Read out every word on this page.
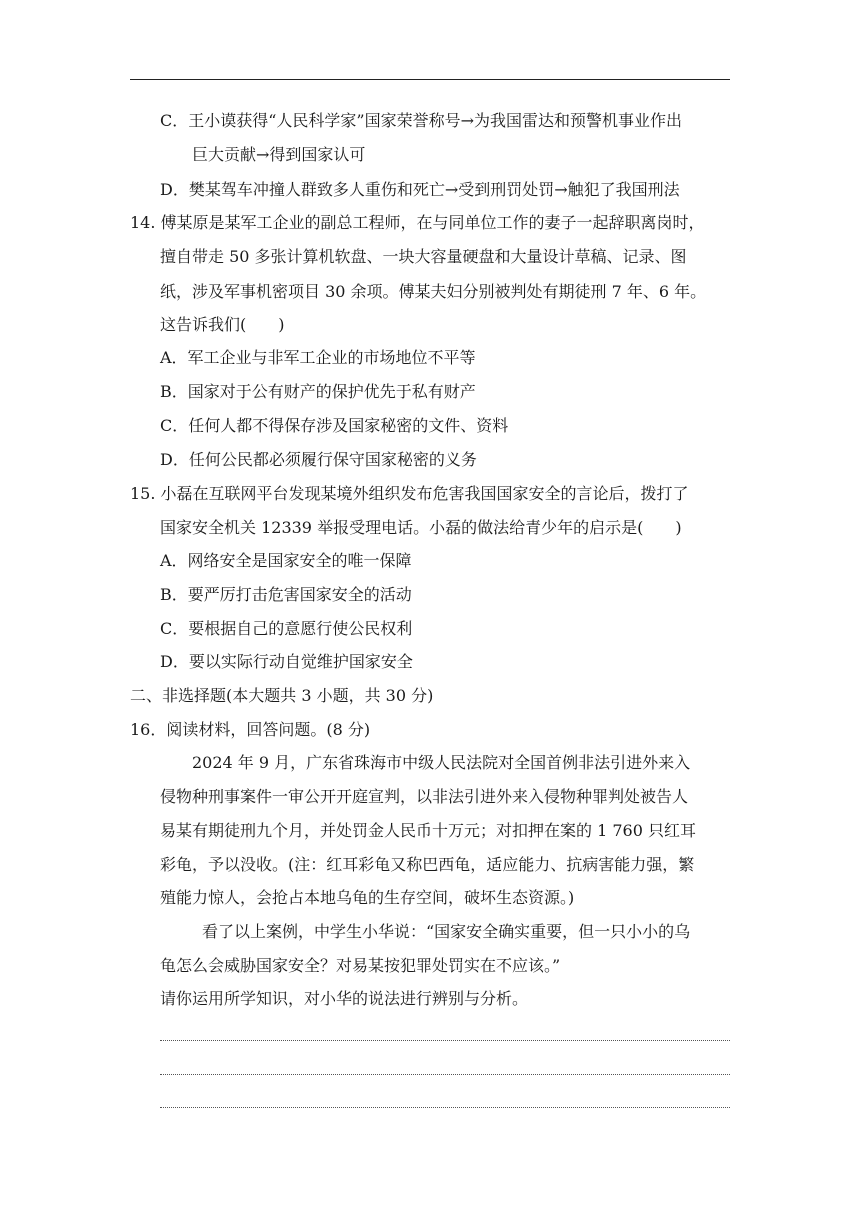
C．王小谟获得“人民科学家”国家荣誉称号→为我国雷达和预警机事业作出
巨大贡献→得到国家认可
D．樊某驾车冲撞人群致多人重伤和死亡→受到刑罚处罚→触犯了我国刑法
14. 傅某原是某军工企业的副总工程师，在与同单位工作的妻子一起辞职离岗时，
擅自带走 50 多张计算机软盘、一块大容量硬盘和大量设计草稿、记录、图
纸，涉及军事机密项目 30 余项。傅某夫妇分别被判处有期徒刑 7 年、6 年。
这告诉我们(　　)
A．军工企业与非军工企业的市场地位不平等
B．国家对于公有财产的保护优先于私有财产
C．任何人都不得保存涉及国家秘密的文件、资料
D．任何公民都必须履行保守国家秘密的义务
15. 小磊在互联网平台发现某境外组织发布危害我国国家安全的言论后，拨打了
国家安全机关 12339 举报受理电话。小磊的做法给青少年的启示是(　　)
A．网络安全是国家安全的唯一保障
B．要严厉打击危害国家安全的活动
C．要根据自己的意愿行使公民权利
D．要以实际行动自觉维护国家安全
二、非选择题(本大题共 3 小题，共 30 分)
16．阅读材料，回答问题。(8 分)
2024 年 9 月，广东省珠海市中级人民法院对全国首例非法引进外来入
侵物种刑事案件一审公开开庭宣判，以非法引进外来入侵物种罪判处被告人
易某有期徒刑九个月，并处罚金人民币十万元；对扣押在案的 1 760 只红耳
彩龟，予以没收。(注：红耳彩龟又称巴西龟，适应能力、抗病害能力强，繁
殖能力惊人，会抢占本地乌龟的生存空间，破坏生态资源。)
看了以上案例，中学生小华说：“国家安全确实重要，但一只小小的乌
龟怎么会威胁国家安全？对易某按犯罪处罚实在不应该。”
请你运用所学知识，对小华的说法进行辨别与分析。
